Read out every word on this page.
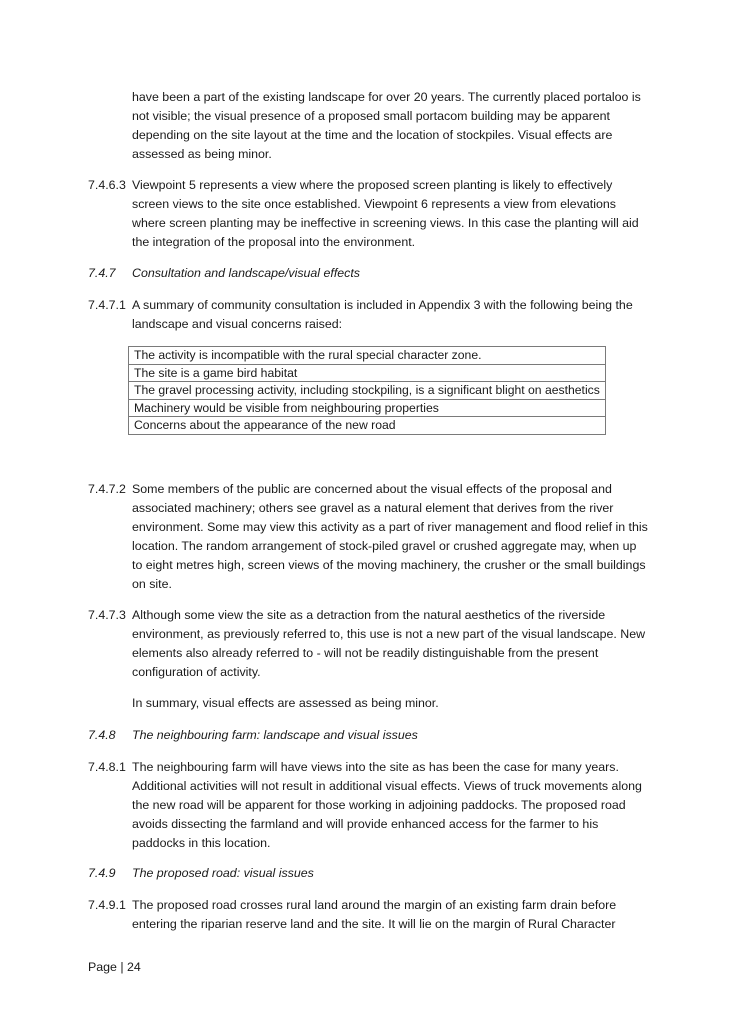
have been a part of the existing landscape for over 20 years. The currently placed portaloo is not visible; the visual presence of a proposed small portacom building may be apparent depending on the site layout at the time and the location of stockpiles. Visual effects are assessed as being minor.
7.4.6.3 Viewpoint 5 represents a view where the proposed screen planting is likely to effectively screen views to the site once established. Viewpoint 6 represents a view from elevations where screen planting may be ineffective in screening views. In this case the planting will aid the integration of the proposal into the environment.
7.4.7 Consultation and landscape/visual effects
7.4.7.1 A summary of community consultation is included in Appendix 3 with the following being the landscape and visual concerns raised:
The activity is incompatible with the rural special character zone.
The site is a game bird habitat
The gravel processing activity, including stockpiling, is a significant blight on aesthetics
Machinery would be visible from neighbouring properties
Concerns about the appearance of the new road
7.4.7.2 Some members of the public are concerned about the visual effects of the proposal and associated machinery; others see gravel as a natural element that derives from the river environment. Some may view this activity as a part of river management and flood relief in this location. The random arrangement of stock-piled gravel or crushed aggregate may, when up to eight metres high, screen views of the moving machinery, the crusher or the small buildings on site.
7.4.7.3 Although some view the site as a detraction from the natural aesthetics of the riverside environment, as previously referred to, this use is not a new part of the visual landscape. New elements also already referred to - will not be readily distinguishable from the present configuration of activity.
In summary, visual effects are assessed as being minor.
7.4.8 The neighbouring farm: landscape and visual issues
7.4.8.1 The neighbouring farm will have views into the site as has been the case for many years. Additional activities will not result in additional visual effects. Views of truck movements along the new road will be apparent for those working in adjoining paddocks. The proposed road avoids dissecting the farmland and will provide enhanced access for the farmer to his paddocks in this location.
7.4.9 The proposed road: visual issues
7.4.9.1 The proposed road crosses rural land around the margin of an existing farm drain before entering the riparian reserve land and the site. It will lie on the margin of Rural Character
Page | 24
